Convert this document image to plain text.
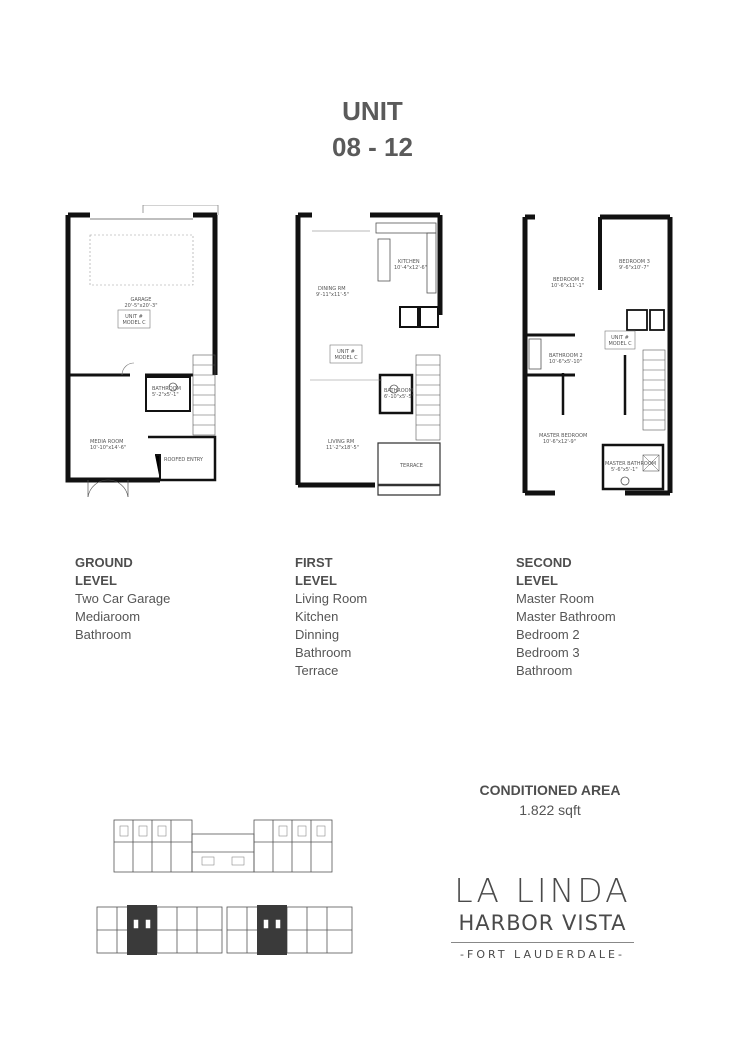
UNIT
08 - 12
GARAGE
20'-5"x20'-3"
UNIT #
MODEL C
MEDIA ROOM
10'-10"x14'-6"
BATHROOM
5'-2"x5'-1"
ROOFED ENTRY
KITCHEN
10'-4"x12'-6"
DINING RM
9'-11"x11'-5"
UNIT #
MODEL C
BATHROOM
6'-10"x5'-5"
LIVING RM
11'-2"x18'-5"
TERRACE
BEDROOM 2
10'-6"x11'-1"
BEDROOM 3
9'-6"x10'-7"
BATHROOM 2
10'-6"x5'-10"
UNIT #
MODEL C
MASTER BEDROOM
10'-6"x12'-9"
MASTER BATHROOM
5'-6"x5'-1"
GROUND
LEVEL
Two Car Garage
Mediaroom
Bathroom
FIRST
LEVEL
Living Room
Kitchen
Dinning
Bathroom
Terrace
SECOND
LEVEL
Master Room
Master Bathroom
Bedroom 2
Bedroom 3
Bathroom
CONDITIONED AREA
1.822 sqft
LA LINDA
HARBOR VISTA
-FORT LAUDERDALE-
